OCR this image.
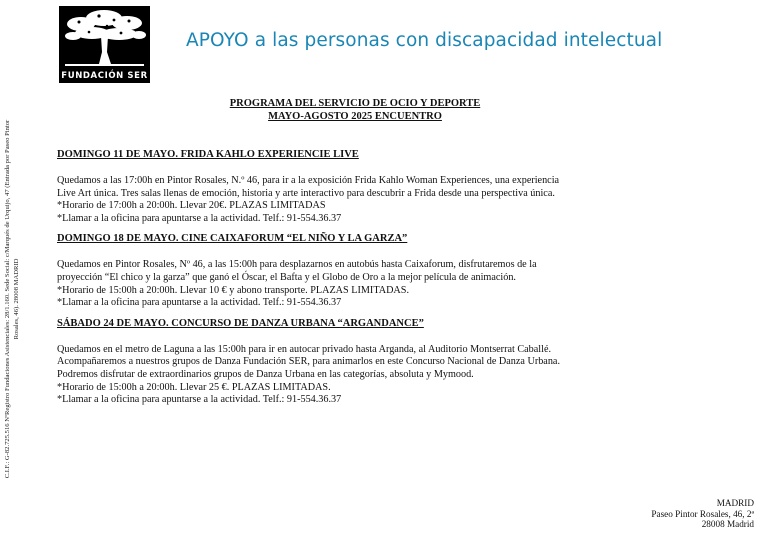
FUNDACIÓN SER
APOYO a las personas con discapacidad intelectual
C.I.F.: G-82.725.516 NºRegistro Fundaciones Asistenciales: 28/1.160. Sede Social: c/Marqués de Urquijo, 47 (Entrada por Paseo Pintor Rosales, 46). 28008 MADRID
PROGRAMA DEL SERVICIO DE OCIO Y DEPORTE
MAYO-AGOSTO 2025 ENCUENTRO
DOMINGO 11 DE MAYO. FRIDA KAHLO EXPERIENCIE LIVE

Quedamos a las 17:00h en Pintor Rosales, N.º 46, para ir a la exposición Frida Kahlo Woman Experiences, una experiencia

Live Art única. Tres salas llenas de emoción, historia y arte interactivo para descubrir a Frida desde una perspectiva única.

*Horario de 17:00h a 20:00h. Llevar 20€. PLAZAS LIMITADAS

*Llamar a la oficina para apuntarse a la actividad. Telf.: 91-554.36.37

DOMINGO 18 DE MAYO. CINE CAIXAFORUM “EL NIÑO Y LA GARZA”

Quedamos en Pintor Rosales, Nº 46, a las 15:00h para desplazarnos en autobús hasta Caixaforum, disfrutaremos de la

proyección “El chico y la garza” que ganó el Óscar, el Bafta y el Globo de Oro a la mejor película de animación.

*Horario de 15:00h a 20:00h. Llevar 10 € y abono transporte. PLAZAS LIMITADAS.

*Llamar a la oficina para apuntarse a la actividad. Telf.: 91-554.36.37

SÁBADO 24 DE MAYO. CONCURSO DE DANZA URBANA “ARGANDANCE”

Quedamos en el metro de Laguna a las 15:00h para ir en autocar privado hasta Arganda, al Auditorio Montserrat Caballé.

Acompañaremos a nuestros grupos de Danza Fundación SER, para animarlos en este Concurso Nacional de Danza Urbana.

Podremos disfrutar de extraordinarios grupos de Danza Urbana en las categorías, absoluta y Mymood.

*Horario de 15:00h a 20:00h. Llevar 25 €. PLAZAS LIMITADAS.

*Llamar a la oficina para apuntarse a la actividad. Telf.: 91-554.36.37

MADRID
Paseo Pintor Rosales, 46, 2ª
28008 Madrid
